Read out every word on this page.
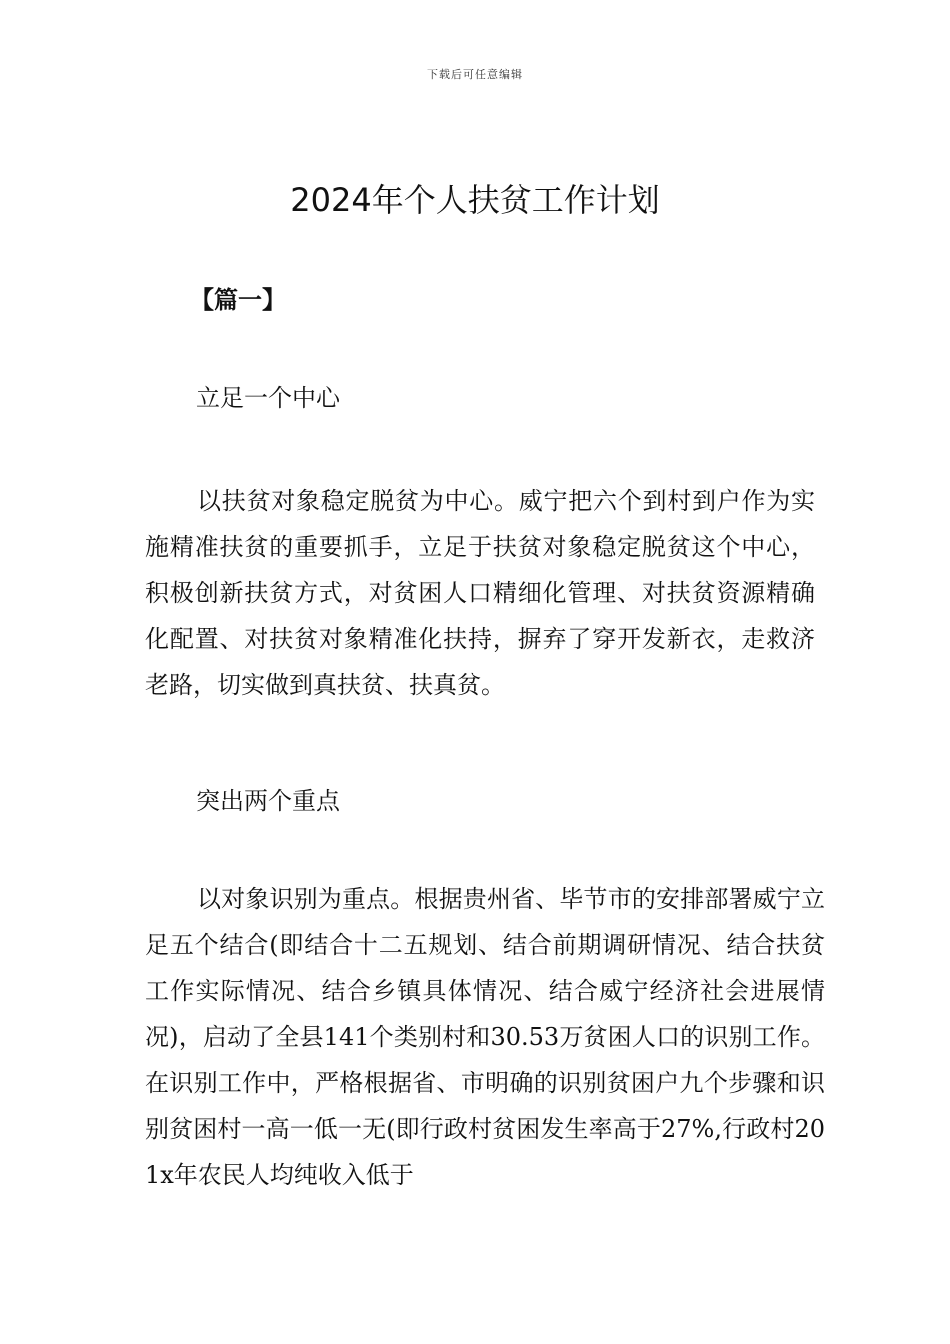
下载后可任意编辑
2024年个人扶贫工作计划
【篇一】
立足一个中心

以扶贫对象稳定脱贫为中心。威宁把六个到村到户作为实施精准扶贫的重要抓手，立足于扶贫对象稳定脱贫这个中心，积极创新扶贫方式，对贫困人口精细化管理、对扶贫资源精确化配置、对扶贫对象精准化扶持，摒弃了穿开发新衣，走救济老路，切实做到真扶贫、扶真贫。

突出两个重点

以对象识别为重点。根据贵州省、毕节市的安排部署威宁立足五个结合(即结合十二五规划、结合前期调研情况、结合扶贫工作实际情况、结合乡镇具体情况、结合威宁经济社会进展情况)，启动了全县141个类别村和30.53万贫困人口的识别工作。在识别工作中，严格根据省、市明确的识别贫困户九个步骤和识别贫困村一高一低一无(即行政村贫困发生率高于27%,行政村201x年农民人均纯收入低于
